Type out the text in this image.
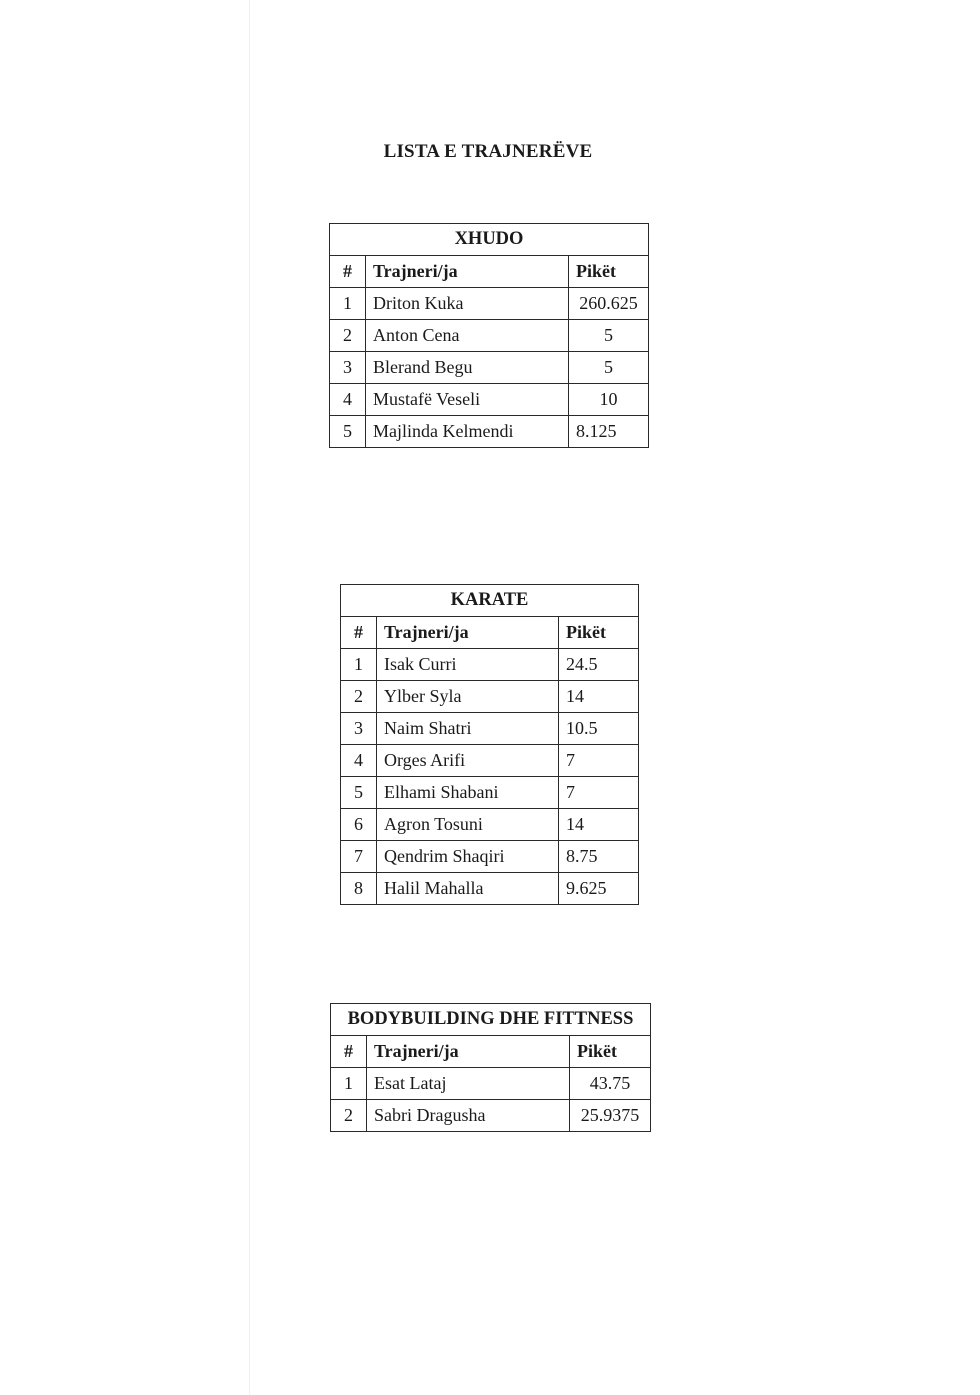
LISTA E TRAJNERËVE
XHUDO		
#	Trajneri/ja	Pikët
1	Driton Kuka	260.625
2	Anton Cena	5
3	Blerand Begu	5
4	Mustafë Veseli	10
5	Majlinda Kelmendi	8.125
KARATE		
#	Trajneri/ja	Pikët
1	Isak Curri	24.5
2	Ylber Syla	14
3	Naim Shatri	10.5
4	Orges Arifi	7
5	Elhami Shabani	7
6	Agron Tosuni	14
7	Qendrim Shaqiri	8.75
8	Halil Mahalla	9.625
BODYBUILDING DHE FITTNESS		
#	Trajneri/ja	Pikët
1	Esat Lataj	43.75
2	Sabri Dragusha	25.9375
